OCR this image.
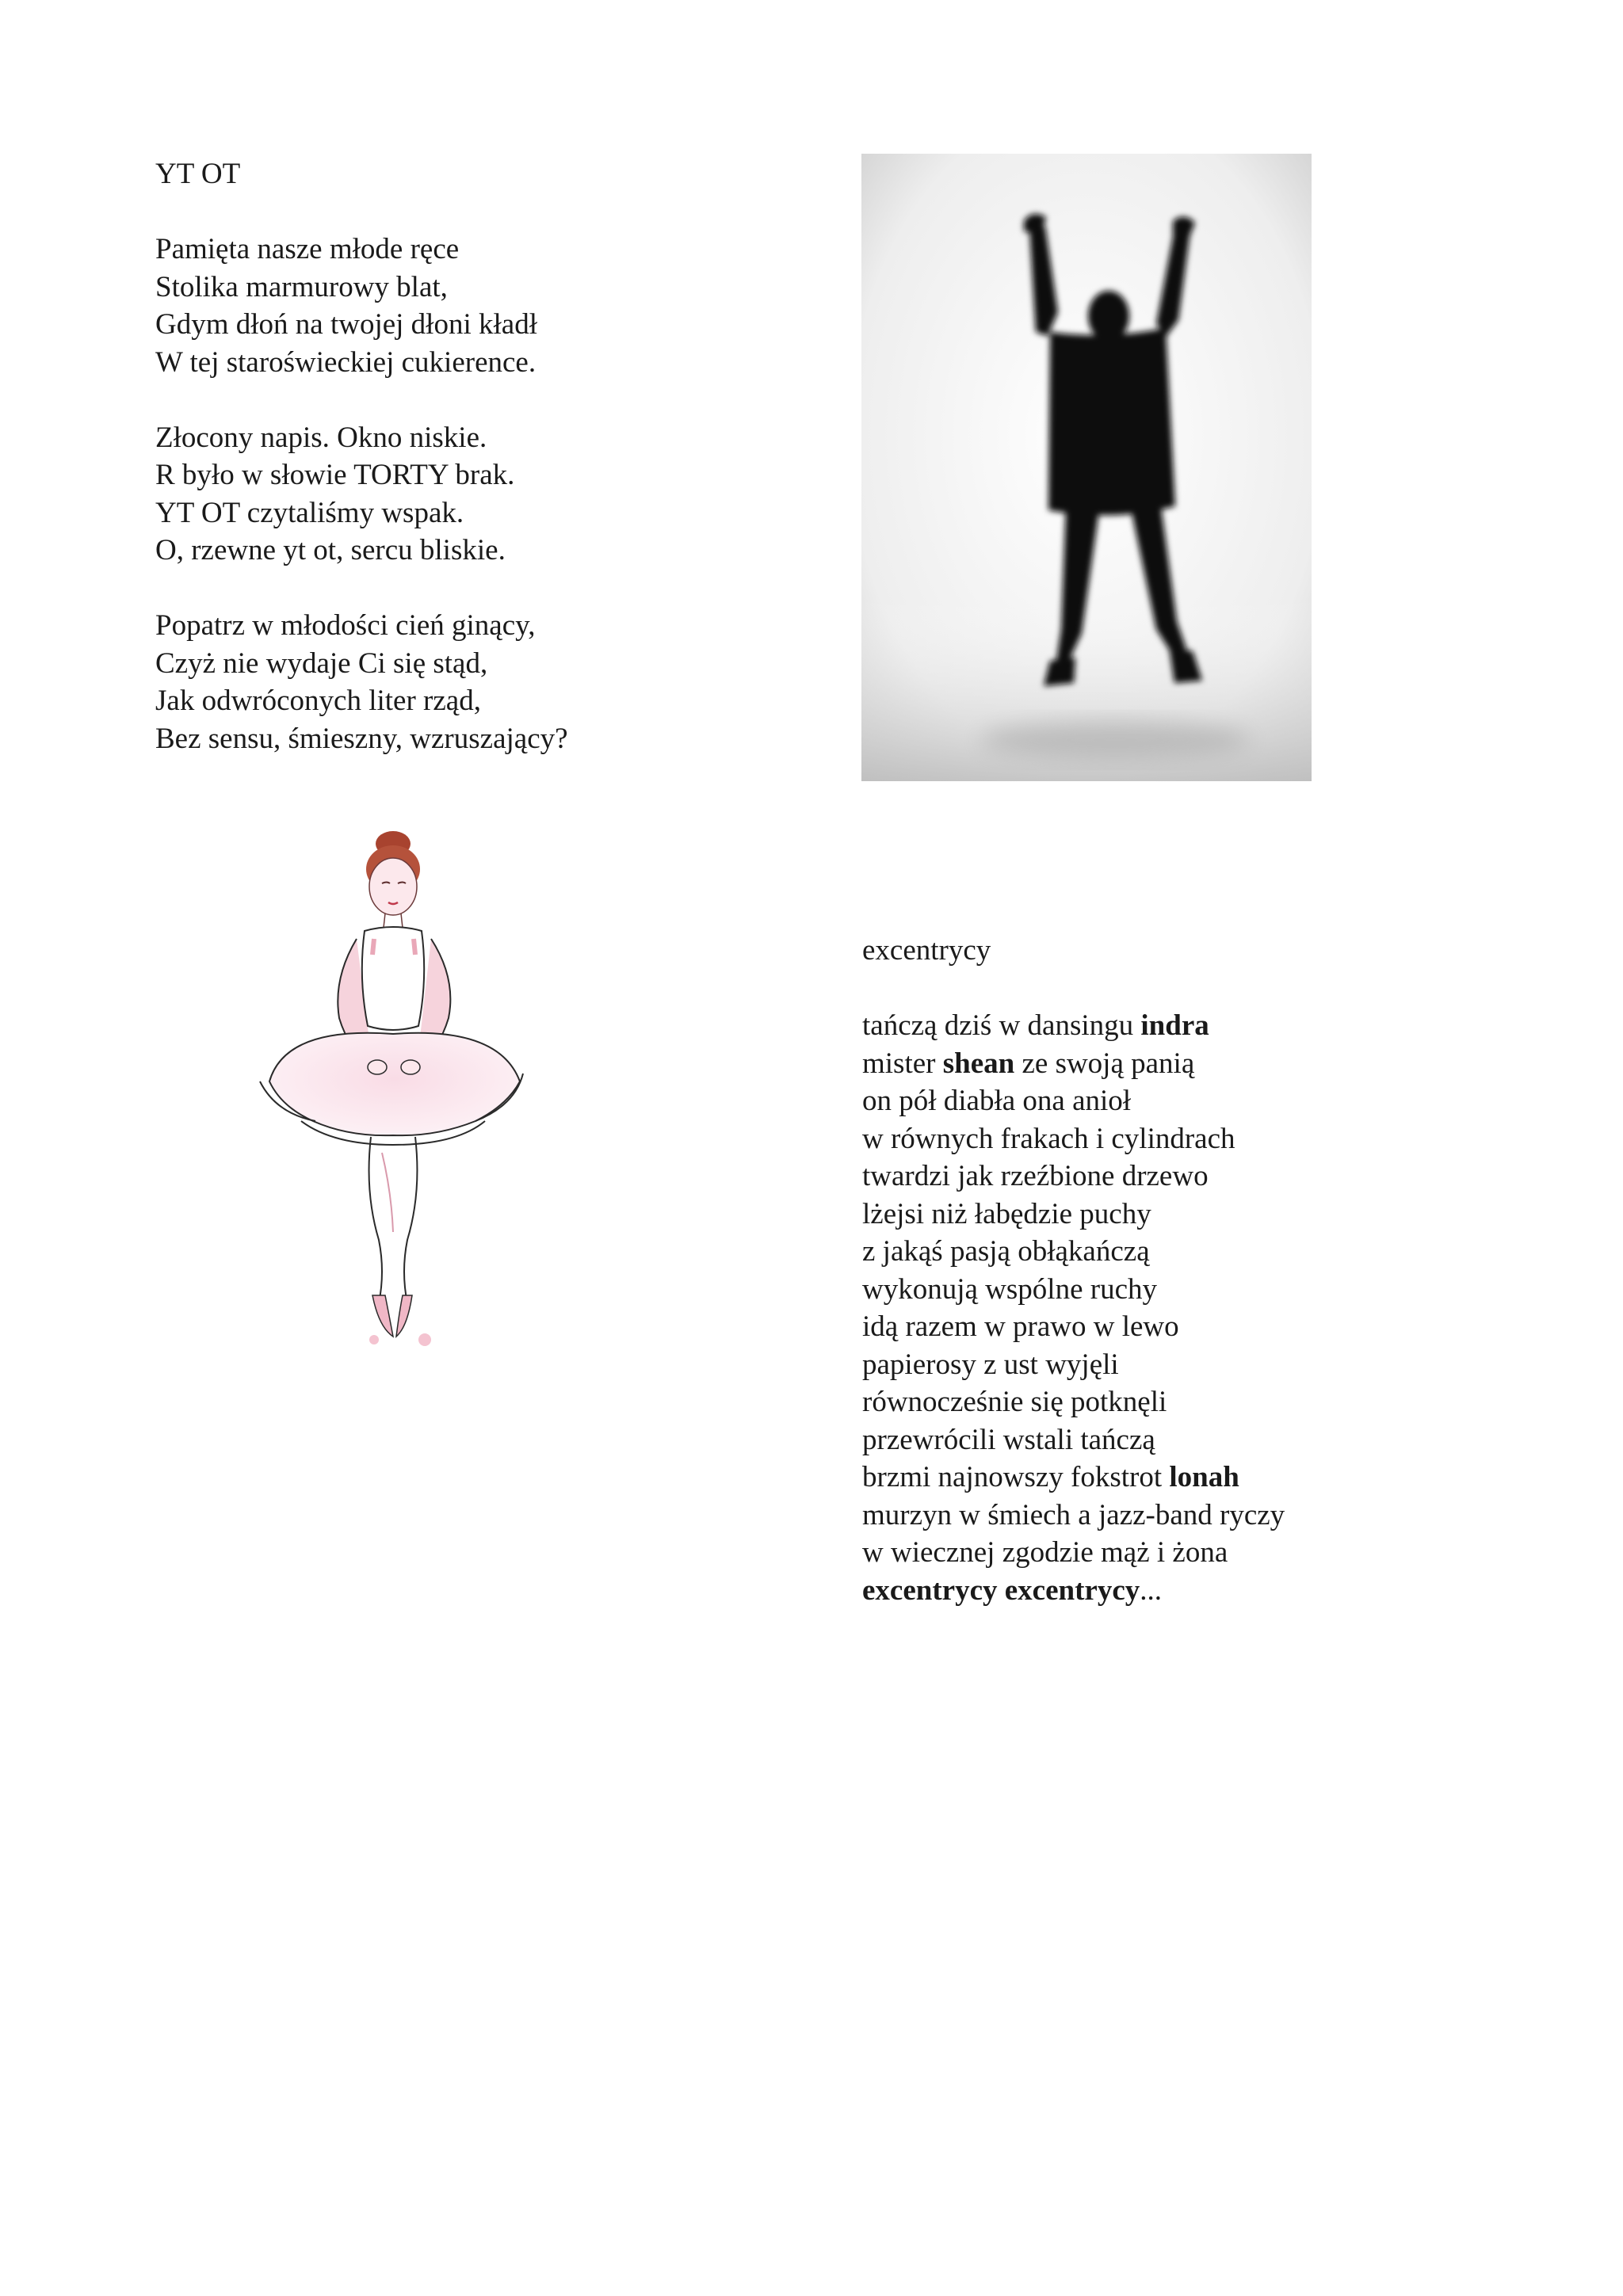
YT OT
Pamięta nasze młode ręce
Stolika marmurowy blat,
Gdym dłoń na twojej dłoni kładł
W tej staroświeckiej cukierence.
Złocony napis. Okno niskie.
R było w słowie TORTY brak.
YT OT czytaliśmy wspak.
O, rzewne yt ot, sercu bliskie.
Popatrz w młodości cień ginący,
Czyż nie wydaje Ci się stąd,
Jak odwróconych liter rząd,
Bez sensu, śmieszny, wzruszający?
excentrycy
tańczą dziś w dansingu indra
mister shean ze swoją panią
on pół diabła ona anioł
w równych frakach i cylindrach
twardzi jak rzeźbione drzewo
lżejsi niż łabędzie puchy
z jakąś pasją obłąkańczą
wykonują wspólne ruchy
idą razem w prawo w lewo
papierosy z ust wyjęli
równocześnie się potknęli
przewrócili wstali tańczą
brzmi najnowszy fokstrot lonah
murzyn w śmiech a jazz-band ryczy
w wiecznej zgodzie mąż i żona
excentrycy excentrycy...
